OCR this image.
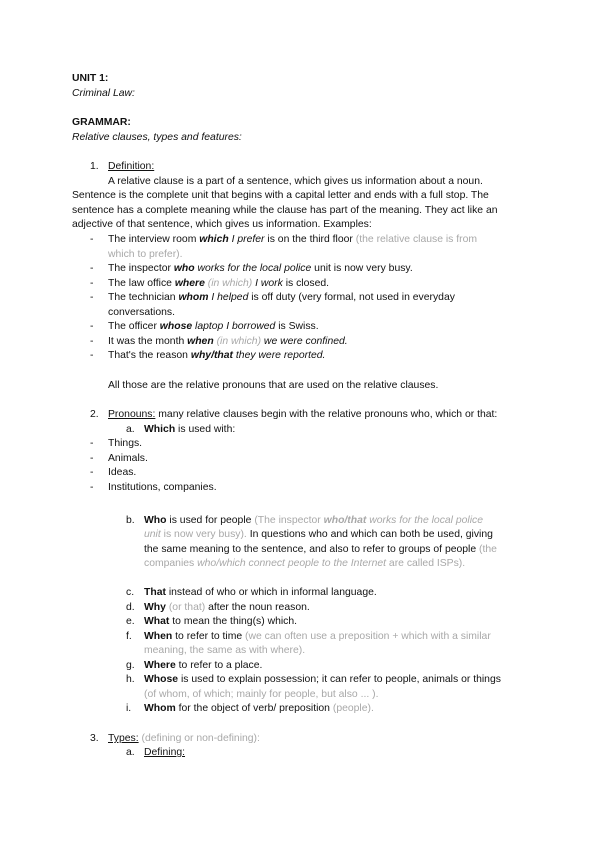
UNIT 1:
Criminal Law:
GRAMMAR:
Relative clauses, types and features:
1. Definition:
A relative clause is a part of a sentence, which gives us information about a noun.
Sentence is the complete unit that begins with a capital letter and ends with a full stop. The
sentence has a complete meaning while the clause has part of the meaning. They act like an
adjective of that sentence, which gives us information. Examples:
- The interview room which I prefer is on the third floor (the relative clause is from
which to prefer).
- The inspector who works for the local police unit is now very busy.
- The law office where (in which) I work is closed.
- The technician whom I helped is off duty (very formal, not used in everyday
conversations.
- The officer whose laptop I borrowed is Swiss.
- It was the month when (in which) we were confined.
- That's the reason why/that they were reported.
All those are the relative pronouns that are used on the relative clauses.
2. Pronouns: many relative clauses begin with the relative pronouns who, which or that:
a. Which is used with:
- Things.
- Animals.
- Ideas.
- Institutions, companies.
b. Who is used for people (The inspector who/that works for the local police
unit is now very busy). In questions who and which can both be used, giving
the same meaning to the sentence, and also to refer to groups of people (the
companies who/which connect people to the Internet are called ISPs).
c. That instead of who or which in informal language.
d. Why (or that) after the noun reason.
e. What to mean the thing(s) which.
f. When to refer to time (we can often use a preposition + which with a similar
meaning, the same as with where).
g. Where to refer to a place.
h. Whose is used to explain possession; it can refer to people, animals or things
(of whom, of which; mainly for people, but also ... ).
i. Whom for the object of verb/ preposition (people).
3. Types: (defining or non-defining):
a. Defining:
